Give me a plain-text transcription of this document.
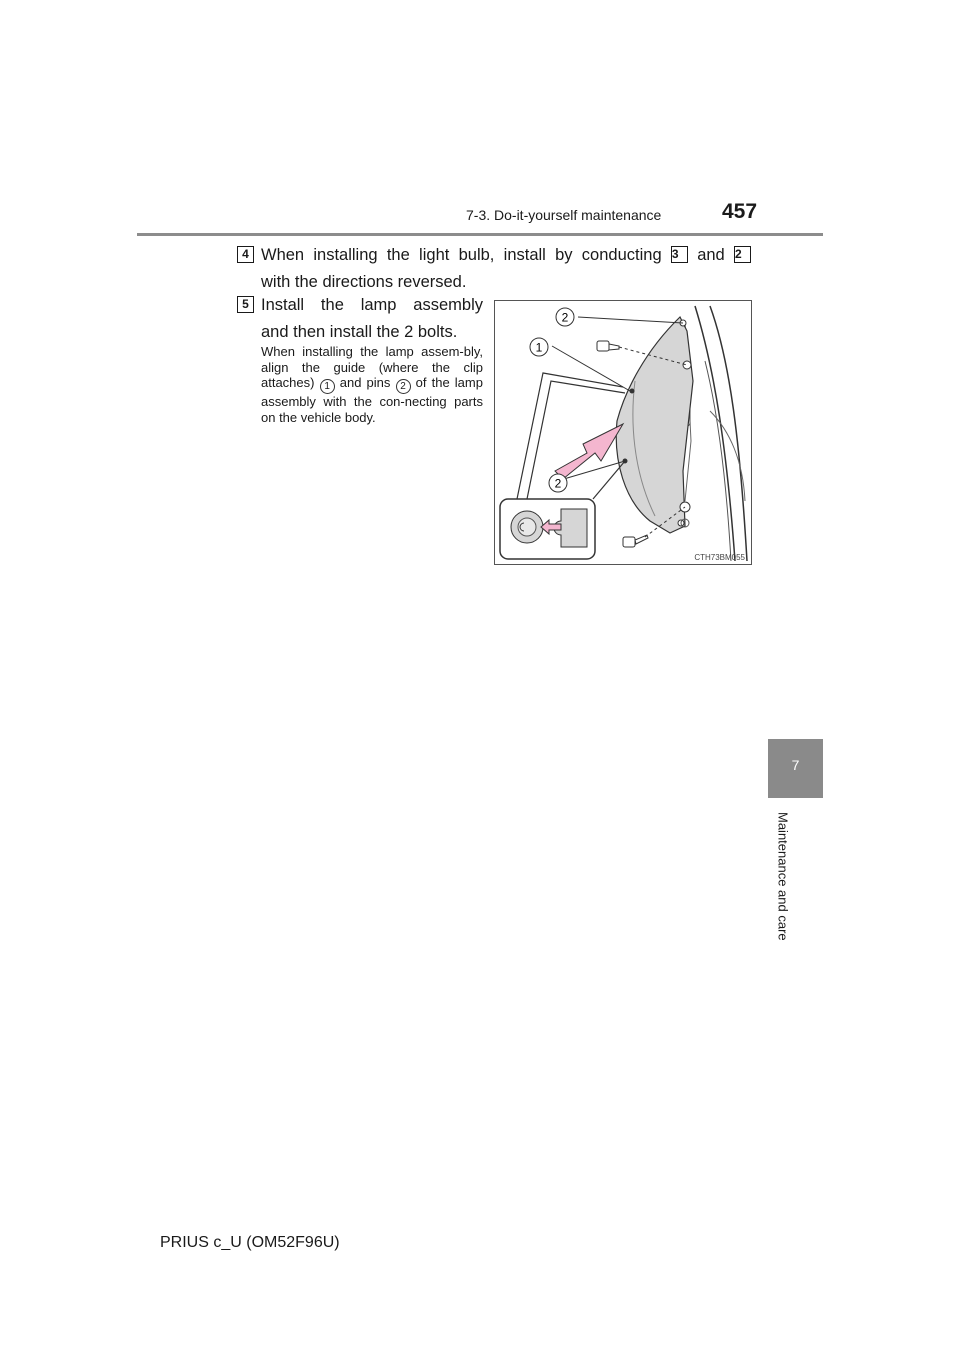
7-3. Do-it-yourself maintenance	457
4 When installing the light bulb, install by conducting 3 and 2
with the directions reversed.
5 Install the lamp assembly
and then install the 2 bolts.
When installing the lamp assem-bly, align the guide (where the clip attaches) 1 and pins 2 of the lamp assembly with the con-necting parts on the vehicle body.
2
1
2
CTH73BM055
7
Maintenance and care
PRIUS c_U (OM52F96U)
